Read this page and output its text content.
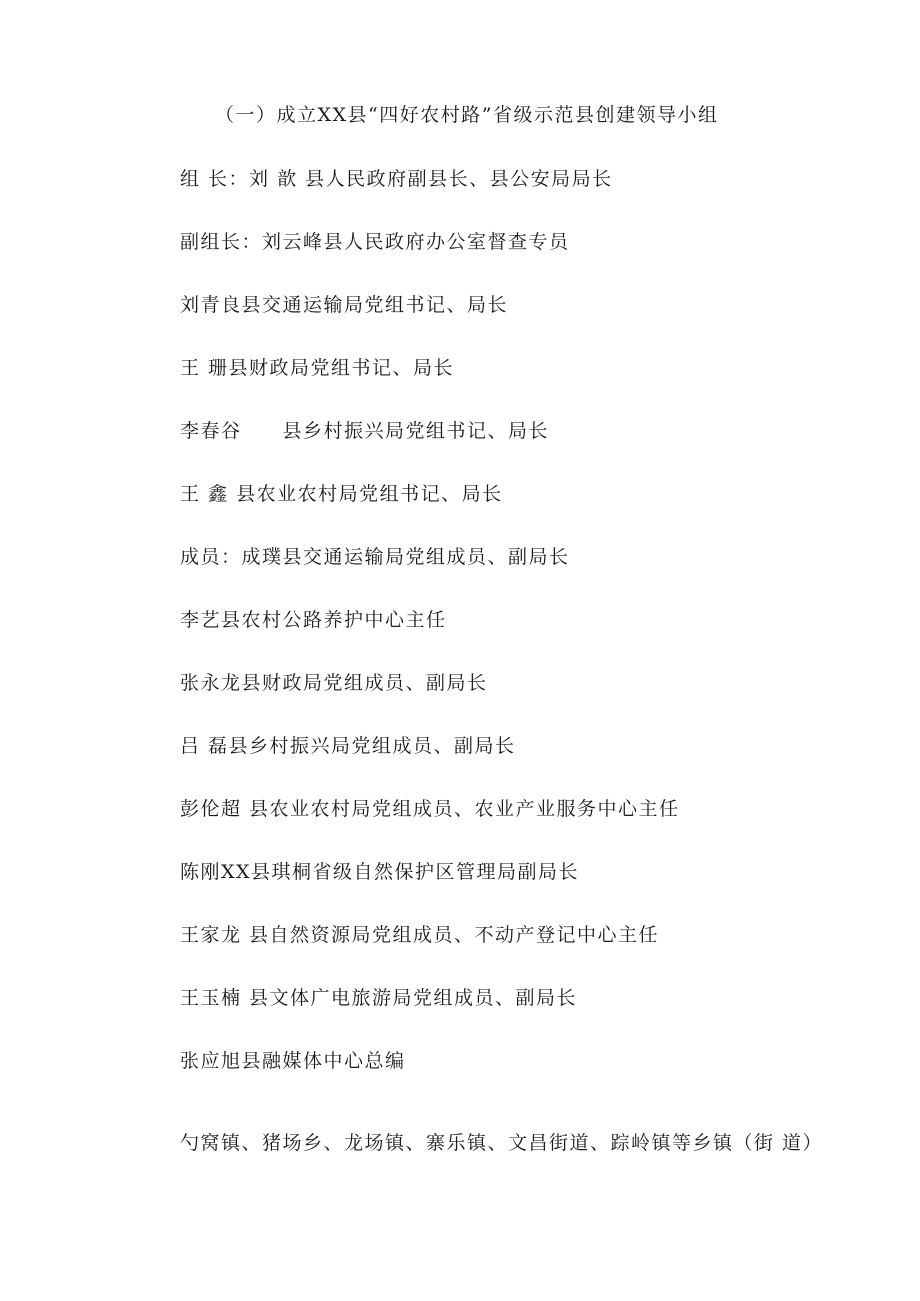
（一）成立XX县“四好农村路”省级示范县创建领导小组
组 长：刘 歆 县人民政府副县长、县公安局局长
副组长：刘云峰县人民政府办公室督查专员
刘青良县交通运输局党组书记、局长
王 珊县财政局党组书记、局长
李春谷　　县乡村振兴局党组书记、局长
王 鑫 县农业农村局党组书记、局长
成员：成璞县交通运输局党组成员、副局长
李艺县农村公路养护中心主任
张永龙县财政局党组成员、副局长
吕 磊县乡村振兴局党组成员、副局长
彭伦超 县农业农村局党组成员、农业产业服务中心主任
陈刚XX县琪桐省级自然保护区管理局副局长
王家龙 县自然资源局党组成员、不动产登记中心主任
王玉楠 县文体广电旅游局党组成员、副局长
张应旭县融媒体中心总编
勺窝镇、猪场乡、龙场镇、寨乐镇、文昌街道、踪岭镇等乡镇（街 道）
